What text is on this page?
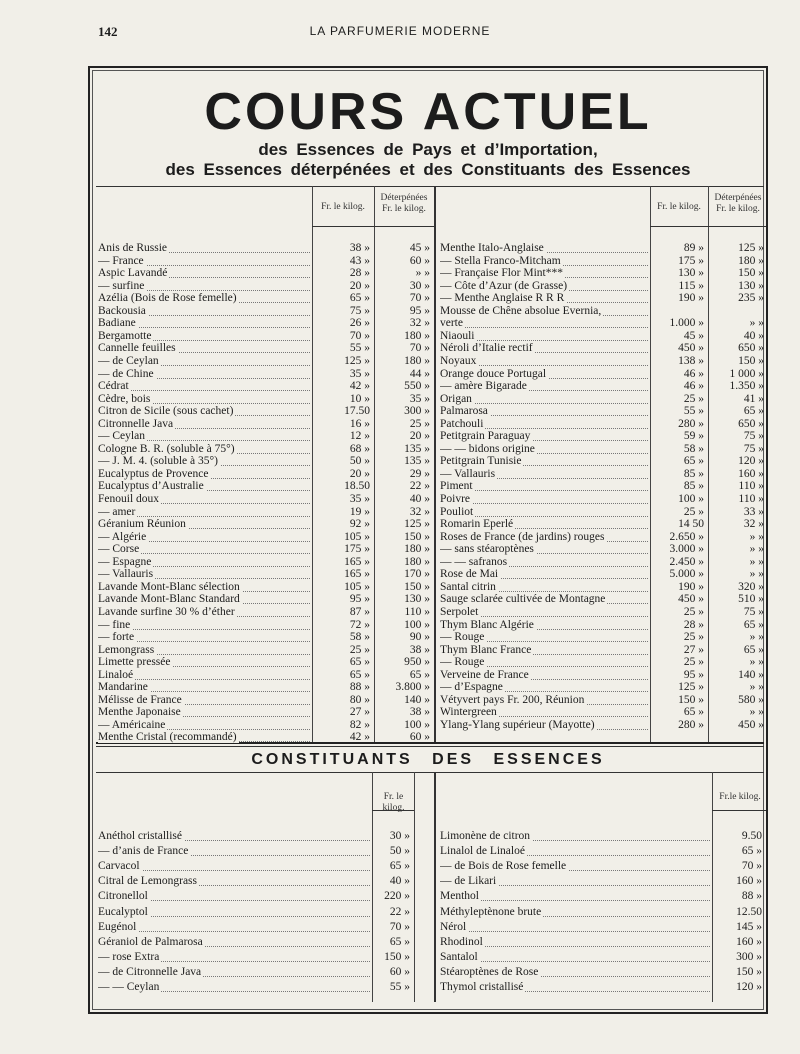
142	LA PARFUMERIE MODERNE
COURS ACTUEL
des Essences de Pays et d’Importation,
des Essences déterpénées et des Constituants des Essences
Fr. le kilog.
Déterpénées
Fr. le kilog.	Fr. le kilog.
Déterpénées
Fr. le kilog.
Anis de Russie	38 »	45 »
— France	43 »	60 »
Aspic Lavandé	28 »	» »
— surfine	20 »	30 »
Azélia (Bois de Rose femelle)	65 »	70 »
Backousia	75 »	95 »
Badiane	26 »	32 »
Bergamotte	70 »	180 »
Cannelle feuilles	55 »	70 »
— de Ceylan	125 »	180 »
— de Chine	35 »	44 »
Cédrat	42 »	550 »
Cèdre, bois	10 »	35 »
Citron de Sicile (sous cachet)	17.50	300 »
Citronnelle Java	16 »	25 »
— Ceylan	12 »	20 »
Cologne B. R. (soluble à 75°)	68 »	135 »
— J. M. 4. (soluble à 35°)	50 »	135 »
Eucalyptus de Provence	20 »	29 »
Eucalyptus d’Australie	18.50	22 »
Fenouil doux	35 »	40 »
— amer	19 »	32 »
Géranium Réunion	92 »	125 »
— Algérie	105 »	150 »
— Corse	175 »	180 »
— Espagne	165 »	180 »
— Vallauris	165 »	170 »
Lavande Mont-Blanc sélection	105 »	150 »
Lavande Mont-Blanc Standard	95 »	130 »
Lavande surfine 30 % d’éther	87 »	110 »
— fine	72 »	100 »
— forte	58 »	90 »
Lemongrass	25 »	38 »
Limette pressée	65 »	950 »
Linaloé	65 »	65 »
Mandarine	88 »	3.800 »
Mélisse de France	80 »	140 »
Menthe Japonaise	27 »	38 »
— Américaine	82 »	100 »
Menthe Cristal (recommandé)	42 »	60 »
Menthe Italo-Anglaise	89 »	125 »
— Stella Franco-Mitcham	175 »	180 »
— Française Flor Mint***	130 »	150 »
— Côte d’Azur (de Grasse)	115 »	130 »
— Menthe Anglaise R R R	190 »	235 »
Mousse de Chêne absolue Evernia,
verte	1.000 »	» »
Niaouli	45 »	40 »
Néroli d’Italie rectif	450 »	650 »
Noyaux	138 »	150 »
Orange douce Portugal	46 »	1 000 »
— amère Bigarade	46 »	1.350 »
Origan	25 »	41 »
Palmarosa	55 »	65 »
Patchouli	280 »	650 »
Petitgrain Paraguay	59 »	75 »
— — bidons origine	58 »	75 »
Petitgrain Tunisie	65 »	120 »
— Vallauris	85 »	160 »
Piment	85 »	110 »
Poivre	100 »	110 »
Pouliot	25 »	33 »
Romarin Eperlé	14 50	32 »
Roses de France (de jardins) rouges	2.650 »	» »
— sans stéaroptènes	3.000 »	» »
— — safranos	2.450 »	» »
Rose de Mai	5.000 »	» »
Santal citrin	190 »	320 »
Sauge sclarée cultivée de Montagne	450 »	510 »
Serpolet	25 »	75 »
Thym Blanc Algérie	28 »	65 »
— Rouge	25 »	» »
Thym Blanc France	27 »	65 »
— Rouge	25 »	» »
Verveine de France	95 »	140 »
— d’Espagne	125 »	» »
Vétyvert pays Fr. 200, Réunion	150 »	580 »
Wintergreen	65 »	» »
Ylang-Ylang supérieur (Mayotte)	280 »	450 »
CONSTITUANTS DES ESSENCES
Fr. le kilog.
Fr.le kilog.
Anéthol cristallisé	30 »
— d’anis de France	50 »
Carvacol	65 »
Citral de Lemongrass	40 »
Citronellol	220 »
Eucalyptol	22 »
Eugénol	70 »
Géraniol de Palmarosa	65 »
— rose Extra	150 »
— de Citronnelle Java	60 »
— — Ceylan	55 »
Limonène de citron	9.50
Linalol de Linaloé	65 »
— de Bois de Rose femelle	70 »
— de Likari	160 »
Menthol	88 »
Méthyleptènone brute	12.50
Nérol	145 »
Rhodinol	160 »
Santalol	300 »
Stéaroptènes de Rose	150 »
Thymol cristallisé	120 »
